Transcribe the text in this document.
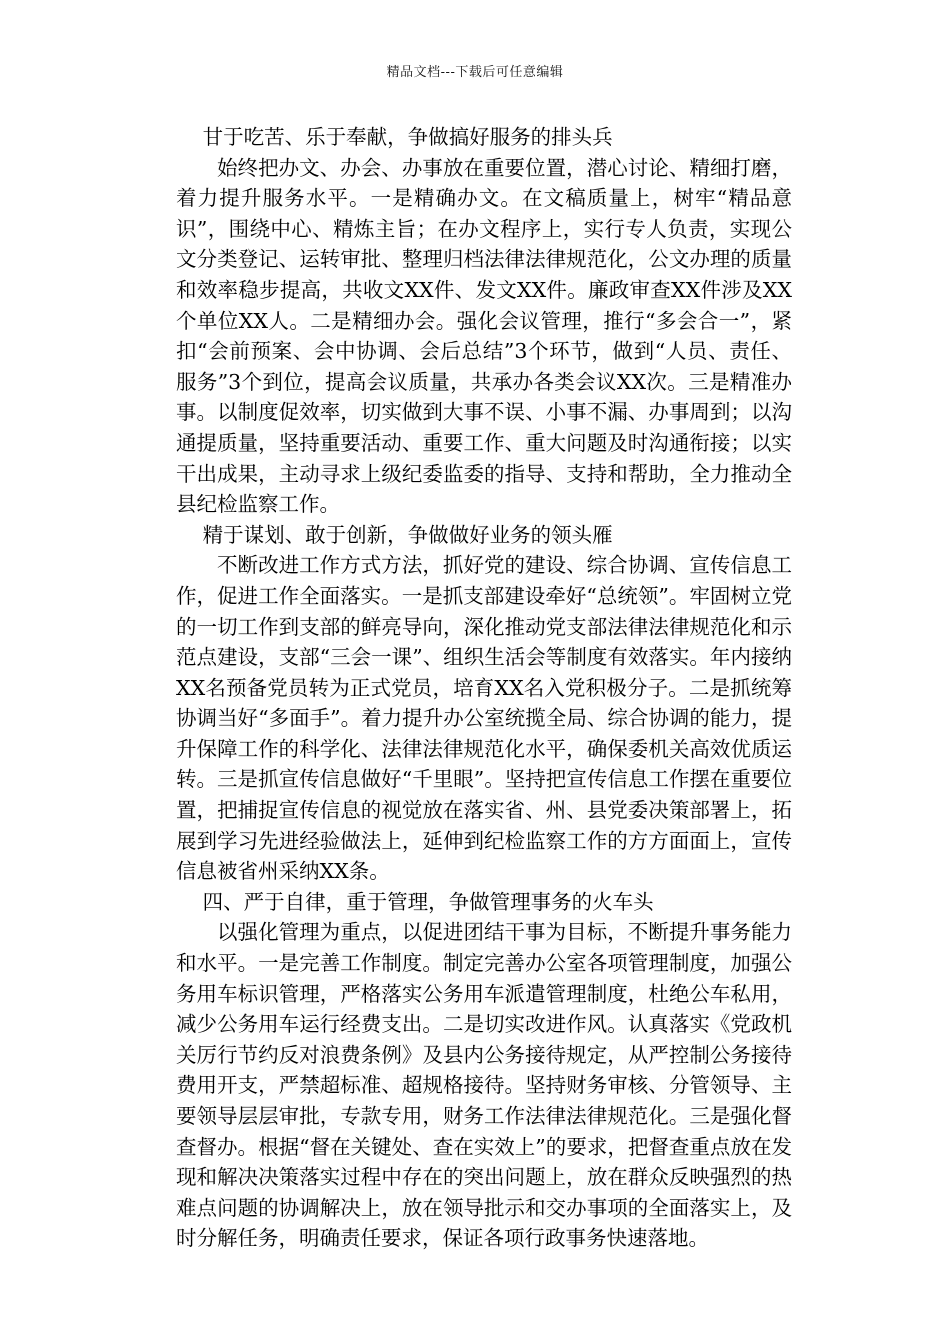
精品文档---下载后可任意编辑

甘于吃苦、乐于奉献，争做搞好服务的排头兵

始终把办文、办会、办事放在重要位置，潜心讨论、精细打磨，着力提升服务水平。一是精确办文。在文稿质量上，树牢“精品意识”，围绕中心、精炼主旨；在办文程序上，实行专人负责，实现公文分类登记、运转审批、整理归档法律法律规范化，公文办理的质量和效率稳步提高，共收文XX件、发文XX件。廉政审查XX件涉及XX个单位XX人。二是精细办会。强化会议管理，推行“多会合一”，紧扣“会前预案、会中协调、会后总结”3个环节，做到“人员、责任、服务”3个到位，提高会议质量，共承办各类会议XX次。三是精准办事。以制度促效率，切实做到大事不误、小事不漏、办事周到；以沟通提质量，坚持重要活动、重要工作、重大问题及时沟通衔接；以实干出成果，主动寻求上级纪委监委的指导、支持和帮助，全力推动全县纪检监察工作。

精于谋划、敢于创新，争做做好业务的领头雁

不断改进工作方式方法，抓好党的建设、综合协调、宣传信息工作，促进工作全面落实。一是抓支部建设牵好“总统领”。牢固树立党的一切工作到支部的鲜亮导向，深化推动党支部法律法律规范化和示范点建设，支部“三会一课”、组织生活会等制度有效落实。年内接纳XX名预备党员转为正式党员，培育XX名入党积极分子。二是抓统筹协调当好“多面手”。着力提升办公室统揽全局、综合协调的能力，提升保障工作的科学化、法律法律规范化水平，确保委机关高效优质运转。三是抓宣传信息做好“千里眼”。坚持把宣传信息工作摆在重要位置，把捕捉宣传信息的视觉放在落实省、州、县党委决策部署上，拓展到学习先进经验做法上，延伸到纪检监察工作的方方面面上，宣传信息被省州采纳XX条。

四、严于自律，重于管理，争做管理事务的火车头

以强化管理为重点，以促进团结干事为目标，不断提升事务能力和水平。一是完善工作制度。制定完善办公室各项管理制度，加强公务用车标识管理，严格落实公务用车派遣管理制度，杜绝公车私用，减少公务用车运行经费支出。二是切实改进作风。认真落实《党政机关厉行节约反对浪费条例》及县内公务接待规定，从严控制公务接待费用开支，严禁超标准、超规格接待。坚持财务审核、分管领导、主要领导层层审批，专款专用，财务工作法律法律规范化。三是强化督查督办。根据“督在关键处、查在实效上”的要求，把督查重点放在发现和解决决策落实过程中存在的突出问题上，放在群众反映强烈的热难点问题的协调解决上，放在领导批示和交办事项的全面落实上，及时分解任务，明确责任要求，保证各项行政事务快速落地。
